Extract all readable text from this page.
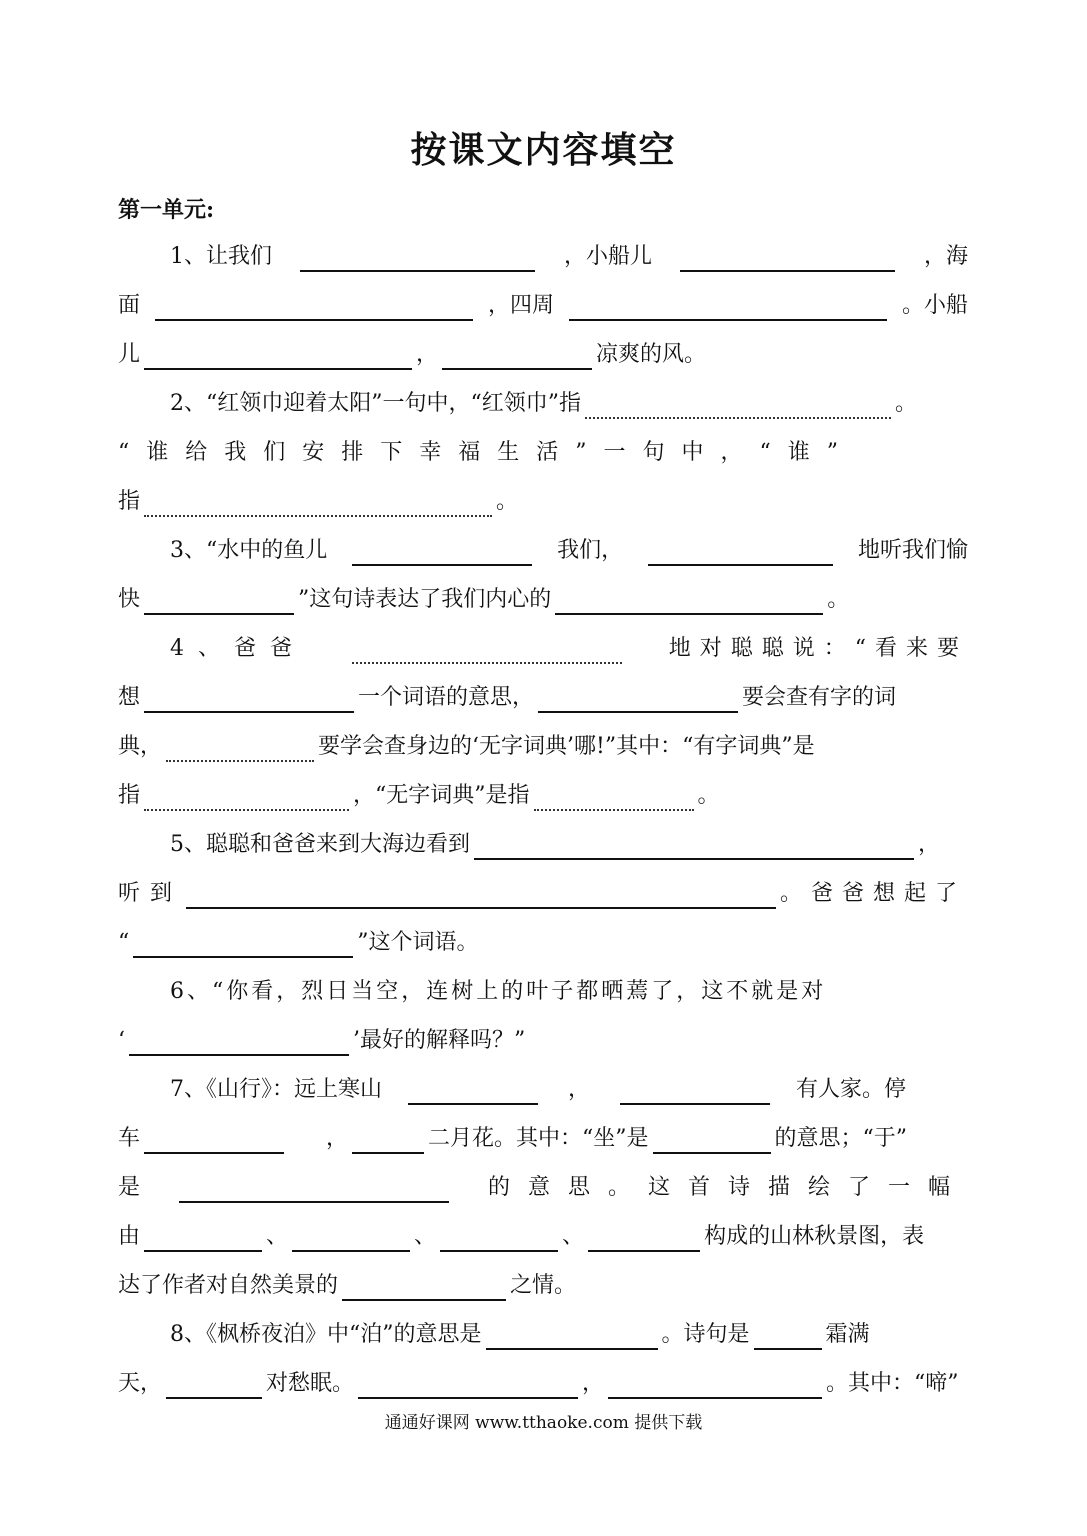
按课文内容填空
第一单元:
1、让我们	，小船儿	，海
面	，四周	。小船
儿	，	凉爽的风。
2、“红领巾迎着太阳”一句中，“红领巾”指	。
“谁给我们安排下幸福生活”一句中，“谁”
指	。
3、“水中的鱼儿	我们，	地听我们愉
快	”这句诗表达了我们内心的	。
4、爸爸	地对聪聪说：“看来要
想	一个词语的意思，	要会查有字的词
典，	要学会查身边的‘无字词典’哪!”其中：“有字词典”是
指	，“无字词典”是指	。
5、聪聪和爸爸来到大海边看到	，
听到	。爸爸想起了
“	”这个词语。
6、“你看，烈日当空，连树上的叶子都晒蔫了，这不就是对
‘	’最好的解释吗？”
7、《山行》：远上寒山	，	有人家。停
车	，	二月花。其中：“坐”是	的意思；“于”
是	的意思。这首诗描绘了一幅
由	、	、	、	构成的山林秋景图，表
达了作者对自然美景的	之情。
8、《枫桥夜泊》中“泊”的意思是	。诗句是	霜满
天，	对愁眠。	，	。其中：“啼”
通通好课网 www.tthaoke.com 提供下载
